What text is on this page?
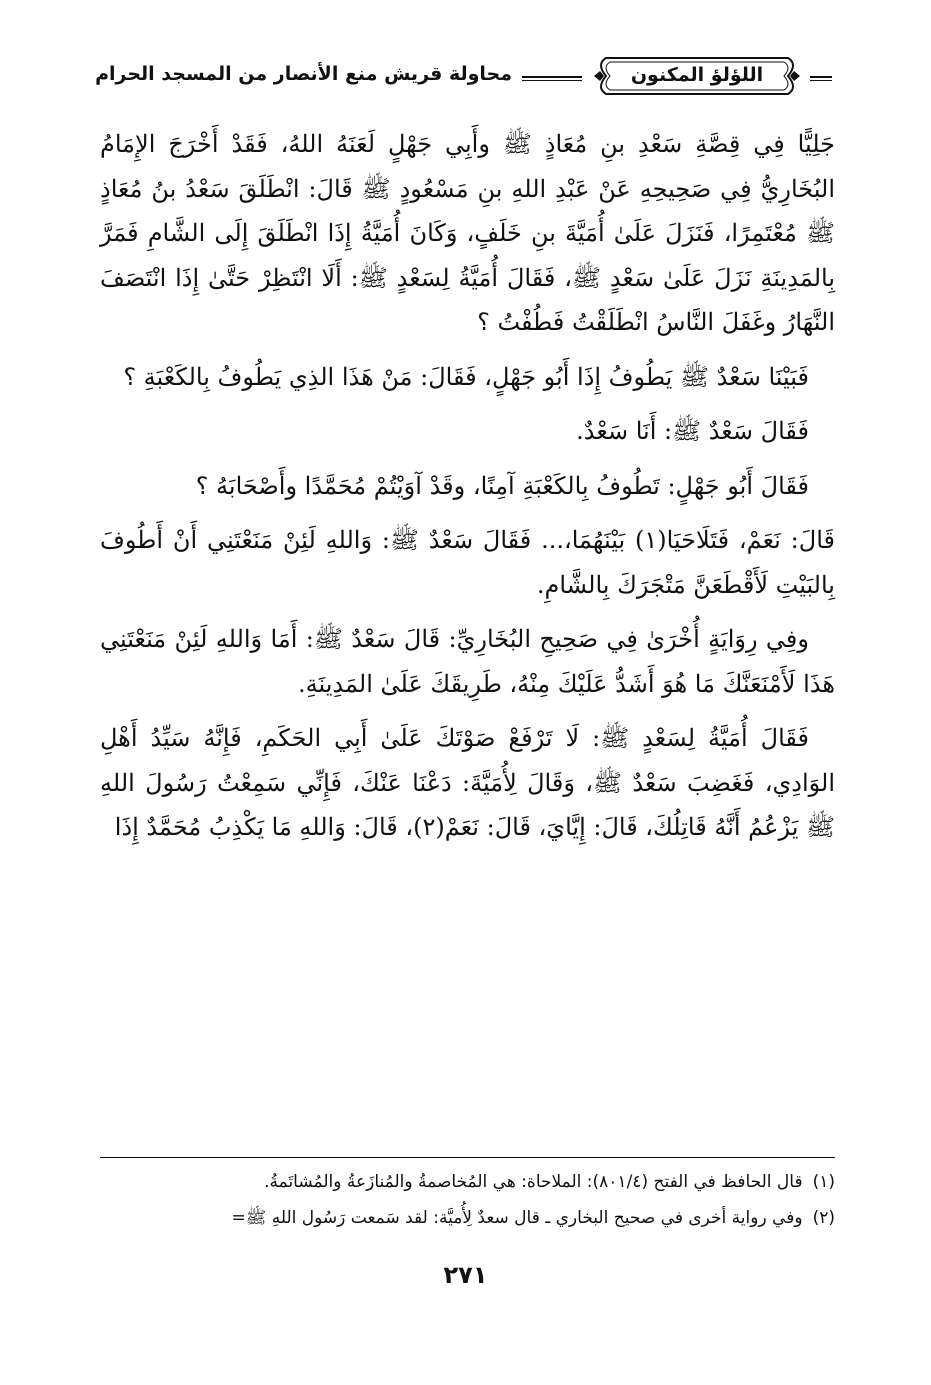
اللؤلؤ المكنون
محاولة قريش منع الأنصار من المسجد الحرام

جَلِيًّا فِي قِصَّةِ سَعْدِ بنِ مُعَاذٍ ﷺ وأَبِي جَهْلٍ لَعَنَهُ اللهُ، فَقَدْ أَخْرَجَ الإِمَامُ البُخَارِيُّ فِي صَحِيحِهِ عَنْ عَبْدِ اللهِ بنِ مَسْعُودٍ ﷺ قَالَ: انْطَلَقَ سَعْدُ بنُ مُعَاذٍ ﷺ مُعْتَمِرًا، فَنَزَلَ عَلَىٰ أُمَيَّةَ بنِ خَلَفٍ، وَكَانَ أُمَيَّةُ إِذَا انْطَلَقَ إِلَى الشَّامِ فَمَرَّ بِالمَدِينَةِ نَزَلَ عَلَىٰ سَعْدٍ ﷺ، فَقَالَ أُمَيَّةُ لِسَعْدٍ ﷺ: أَلَا انْتَظِرْ حَتَّىٰ إِذَا انْتَصَفَ النَّهَارُ وغَفَلَ النَّاسُ انْطَلَقْتُ فَطُفْتُ ؟

فَبَيْنَا سَعْدٌ ﷺ يَطُوفُ إِذَا أَبُو جَهْلٍ، فَقَالَ: مَنْ هَذَا الذِي يَطُوفُ بِالكَعْبَةِ ؟

فَقَالَ سَعْدٌ ﷺ: أَنَا سَعْدٌ.

فَقَالَ أَبُو جَهْلٍ: تَطُوفُ بِالكَعْبَةِ آمِنًا، وقَدْ آوَيْتُمْ مُحَمَّدًا وأَصْحَابَهُ ؟

قَالَ: نَعَمْ، فَتَلَاحَيَا(١) بَيْنَهُمَا،... فَقَالَ سَعْدٌ ﷺ: وَاللهِ لَئِنْ مَنَعْتَنِي أَنْ أَطُوفَ بِالبَيْتِ لَأَقْطَعَنَّ مَتْجَرَكَ بِالشَّامِ.

وفِي رِوَايَةٍ أُخْرَىٰ فِي صَحِيحِ البُخَارِيِّ: قَالَ سَعْدٌ ﷺ: أَمَا وَاللهِ لَئِنْ مَنَعْتَنِي هَذَا لَأَمْنَعَنَّكَ مَا هُوَ أَشَدُّ عَلَيْكَ مِنْهُ، طَرِيقَكَ عَلَىٰ المَدِينَةِ.

فَقَالَ أُمَيَّةُ لِسَعْدٍ ﷺ: لَا تَرْفَعْ صَوْتَكَ عَلَىٰ أَبِي الحَكَمِ، فَإِنَّهُ سَيِّدُ أَهْلِ الوَادِي، فَغَضِبَ سَعْدٌ ﷺ، وَقَالَ لِأُمَيَّةَ: دَعْنَا عَنْكَ، فَإِنِّي سَمِعْتُ رَسُولَ اللهِ ﷺ يَزْعُمُ أَنَّهُ قَاتِلُكَ، قَالَ: إِيَّايَ، قَالَ: نَعَمْ(٢)، قَالَ: وَاللهِ مَا يَكْذِبُ مُحَمَّدٌ إِذَا

(١)قال الحافظ في الفتح (٨٠١/٤): الملاحاة: هي المُخاصمةُ والمُنازَعةُ والمُشاتَمةُ.

(٢)وفي رواية أخرى في صحيح البخاري ـ قال سعدٌ لِأُميَّة: لقد سَمعت رَسُول اللهِ ﷺ=

٢٧١
